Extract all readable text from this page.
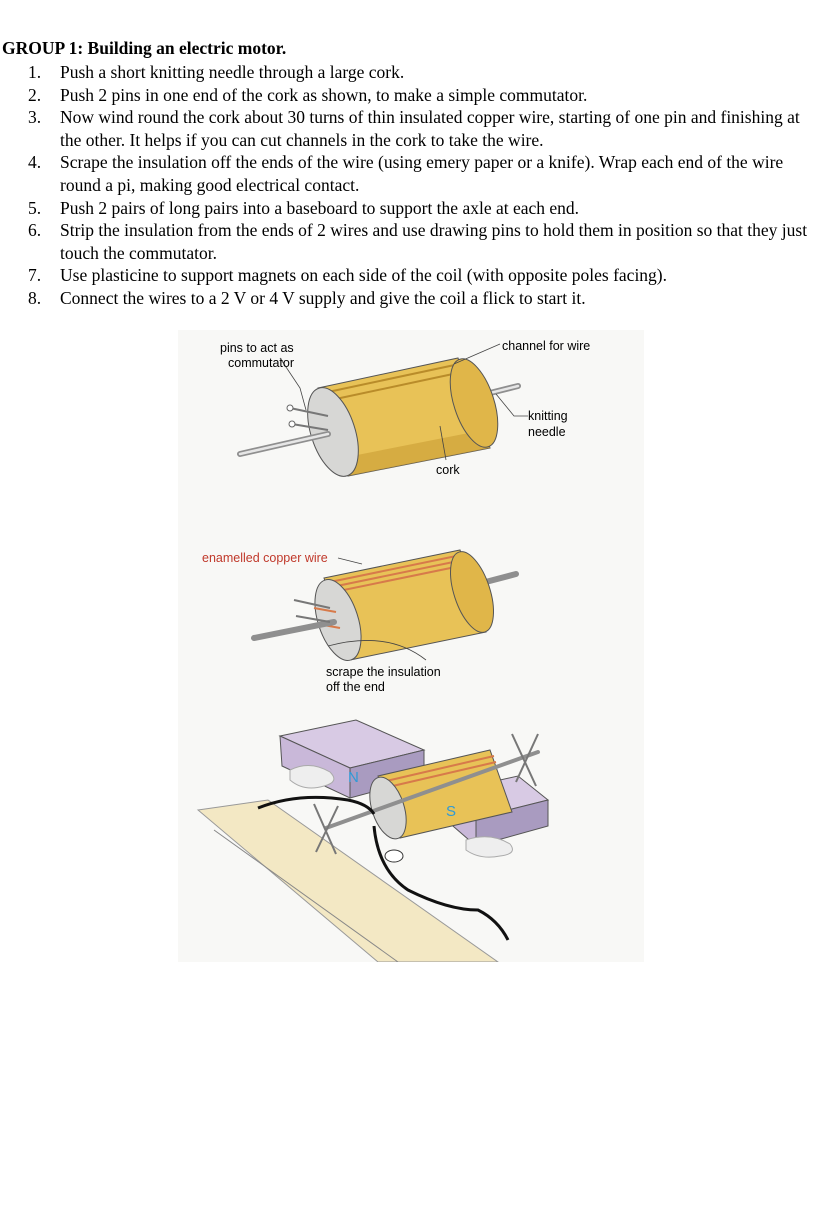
GROUP 1: Building an electric motor.
1. Push a short knitting needle through a large cork.
2. Push 2 pins in one end of the cork as shown, to make a simple commutator.
3. Now wind round the cork about 30 turns of thin insulated copper wire, starting of one pin and finishing at the other. It helps if you can cut channels in the cork to take the wire.
4. Scrape the insulation off the ends of the wire (using emery paper or a knife). Wrap each end of the wire round a pi, making good electrical contact.
5. Push 2 pairs of long pairs into a baseboard to support the axle at each end.
6. Strip the insulation from the ends of 2 wires and use drawing pins to hold them in position so that they just touch the commutator.
7. Use plasticine to support magnets on each side of the coil (with opposite poles facing).
8. Connect the wires to a 2 V or 4 V supply and give the coil a flick to start it.
pins to act as
commutator
channel for wire
knitting
needle
cork
enamelled copper wire
scrape the insulation
off the end
N
S
